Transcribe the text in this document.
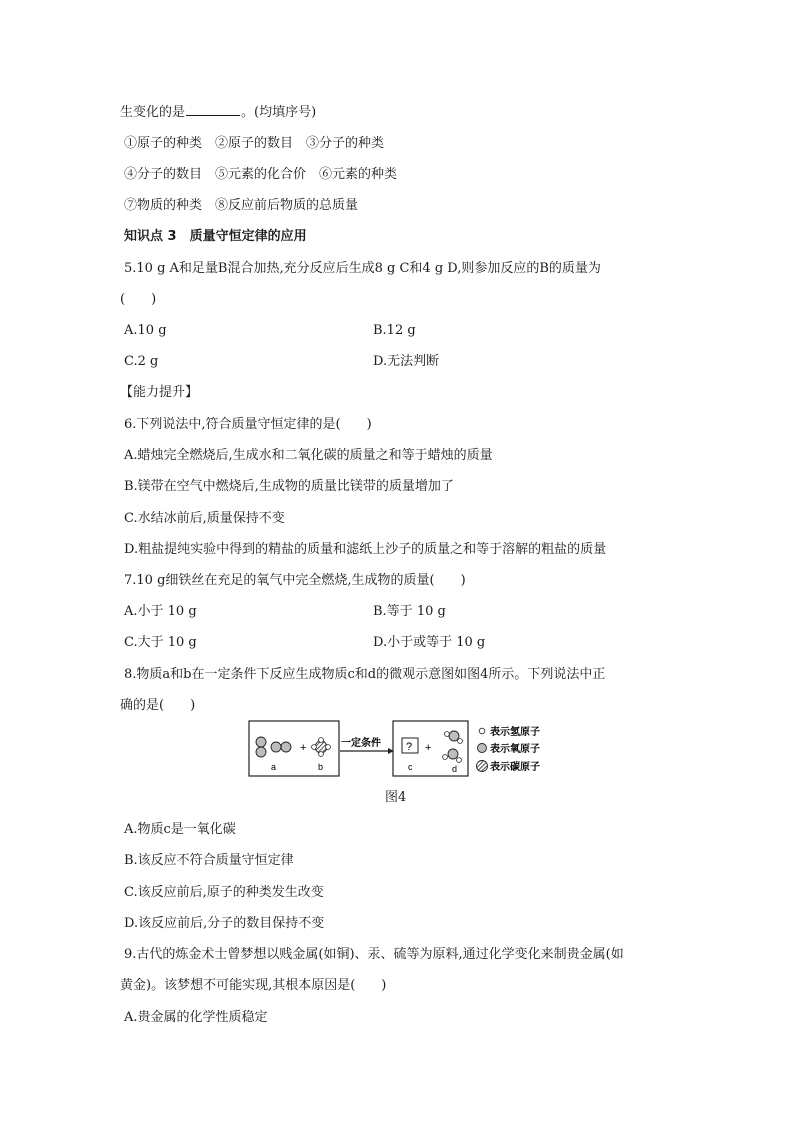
生变化的是	。(均填序号)
①原子的种类　②原子的数目　③分子的种类
④分子的数目　⑤元素的化合价　⑥元素的种类
⑦物质的种类　⑧反应前后物质的总质量
知识点 3　质量守恒定律的应用
5.10 g A和足量B混合加热,充分反应后生成8 g C和4 g D,则参加反应的B的质量为
(　　)
A.10 g	B.12 g
C.2 g	D.无法判断
【能力提升】
6.下列说法中,符合质量守恒定律的是(　　)
A.蜡烛完全燃烧后,生成水和二氧化碳的质量之和等于蜡烛的质量
B.镁带在空气中燃烧后,生成物的质量比镁带的质量增加了
C.水结冰前后,质量保持不变
D.粗盐提纯实验中得到的精盐的质量和滤纸上沙子的质量之和等于溶解的粗盐的质量
7.10 g细铁丝在充足的氧气中完全燃烧,生成物的质量(　　)
A.小于 10 g	B.等于 10 g
C.大于 10 g	D.小于或等于 10 g
8.物质a和b在一定条件下反应生成物质c和d的微观示意图如图4所示。下列说法中正
确的是(　　)
+
a	b
一定条件 ? +
c	d
表示氢原子
表示氧原子
表示碳原子
图4
A.物质c是一氧化碳
B.该反应不符合质量守恒定律
C.该反应前后,原子的种类发生改变
D.该反应前后,分子的数目保持不变
9.古代的炼金术士曾梦想以贱金属(如铜)、汞、硫等为原料,通过化学变化来制贵金属(如
黄金)。该梦想不可能实现,其根本原因是(　　)
A.贵金属的化学性质稳定
